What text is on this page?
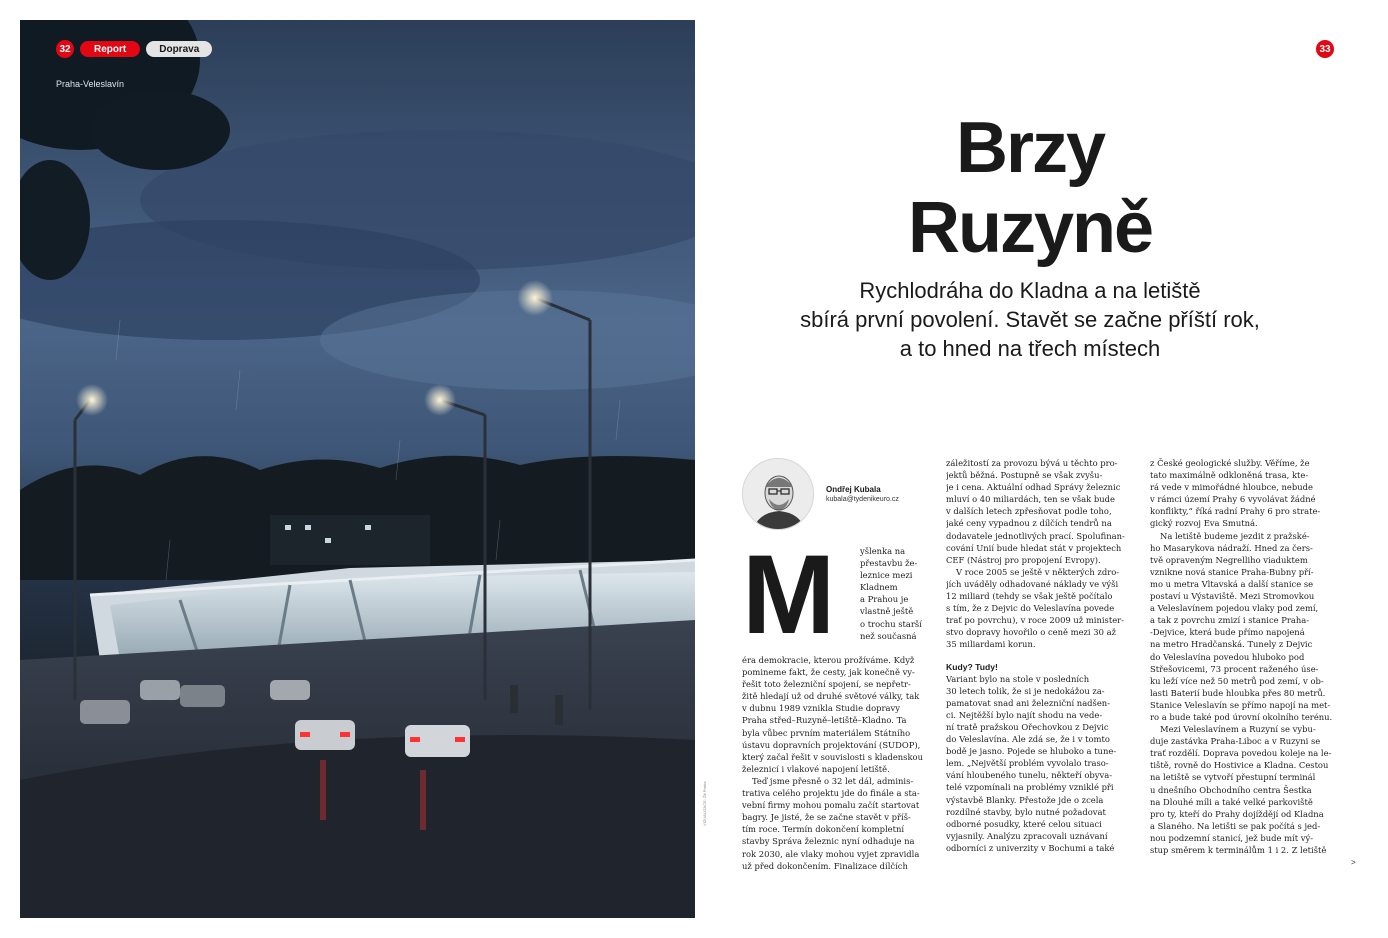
32	Report	Doprava
Praha-Veleslavín
VIZUALIZACE: Žít Praha
33
Brzy
Ruzyně
Rychlodráha do Kladna a na letiště
sbírá první povolení. Stavět se začne příští rok,
a to hned na třech místech
Ondřej Kubala
kubala@tydenikeuro.cz
M	yšlenka na

přestavbu že-

leznice mezi

Kladnem

a Prahou je

vlastně ještě

o trochu starší

než současná

éra demokracie, kterou prožíváme. Když

pomineme fakt, že cesty, jak konečně vy-

řešit toto železniční spojení, se nepřetr-

žitě hledají už od druhé světové války, tak

v dubnu 1989 vznikla Studie dopravy

Praha střed–Ruzyně–letiště–Kladno. Ta

byla vůbec prvním materiálem Státního

ústavu dopravních projektování (SUDOP),

který začal řešit v souvislosti s kladenskou

železnicí i vlakové napojení letiště.

Teď jsme přesně o 32 let dál, adminis-

trativa celého projektu jde do finále a sta-

vební firmy mohou pomalu začít startovat

bagry. Je jisté, že se začne stavět v příš-

tím roce. Termín dokončení kompletní

stavby Správa železnic nyní odhaduje na

rok 2030, ale vlaky mohou vyjet zpravidla

už před dokončením. Finalizace dílčích

záležitostí za provozu bývá u těchto pro-

jektů běžná. Postupně se však zvyšu-

je i cena. Aktuální odhad Správy železnic

mluví o 40 miliardách, ten se však bude

v dalších letech zpřesňovat podle toho,

jaké ceny vypadnou z dílčích tendrů na

dodavatele jednotlivých prací. Spolufinan-

cování Unií bude hledat stát v projektech

CEF (Nástroj pro propojení Evropy).

V roce 2005 se ještě v některých zdro-

jích uváděly odhadované náklady ve výši

12 miliard (tehdy se však ještě počítalo

s tím, že z Dejvic do Veleslavína povede

trať po povrchu), v roce 2009 už minister-

stvo dopravy hovořilo o ceně mezi 30 až

35 miliardami korun.

Kudy? Tudy!

Variant bylo na stole v posledních

30 letech tolik, že si je nedokážou za-

pamatovat snad ani železniční nadšen-

ci. Nejtěžší bylo najít shodu na vede-

ní tratě pražskou Ořechovkou z Dejvic

do Veleslavína. Ale zdá se, že i v tomto

bodě je jasno. Pojede se hluboko a tune-

lem. „Největší problém vyvolalo traso-

vání hloubeného tunelu, někteří obyva-

telé vzpomínali na problémy vzniklé při

výstavbě Blanky. Přestože jde o zcela

rozdílné stavby, bylo nutné požadovat

odborné posudky, které celou situaci

vyjasnily. Analýzu zpracovali uznávaní

odborníci z univerzity v Bochumi a také

z České geologické služby. Věříme, že

tato maximálně odkloněná trasa, kte-

rá vede v mimořádné hloubce, nebude

v rámci území Prahy 6 vyvolávat žádné

konflikty,“ říká radní Prahy 6 pro strate-

gický rozvoj Eva Smutná.

Na letiště budeme jezdit z pražské-

ho Masarykova nádraží. Hned za čers-

tvě opraveným Negrelliho viaduktem

vznikne nová stanice Praha-Bubny pří-

mo u metra Vltavská a další stanice se

postaví u Výstaviště. Mezi Stromovkou

a Veleslavínem pojedou vlaky pod zemí,

a tak z povrchu zmizí i stanice Praha-

-Dejvice, která bude přímo napojená

na metro Hradčanská. Tunely z Dejvic

do Veleslavína povedou hluboko pod

Střešovicemi, 73 procent raženého úse-

ku leží více než 50 metrů pod zemí, v ob-

lasti Baterií bude hloubka přes 80 metrů.

Stanice Veleslavín se přímo napojí na met-

ro a bude také pod úrovní okolního terénu.

Mezi Veleslavínem a Ruzyní se vybu-

duje zastávka Praha-Liboc a v Ruzyni se

trať rozdělí. Doprava povedou koleje na le-

tiště, rovně do Hostivice a Kladna. Cestou

na letiště se vytvoří přestupní terminál

u dnešního Obchodního centra Šestka

na Dlouhé míli a také velké parkoviště

pro ty, kteří do Prahy dojíždějí od Kladna

a Slaného. Na letišti se pak počítá s jed-

nou podzemní stanicí, jež bude mít vý-

stup směrem k terminálům 1 i 2. Z letiště

>
